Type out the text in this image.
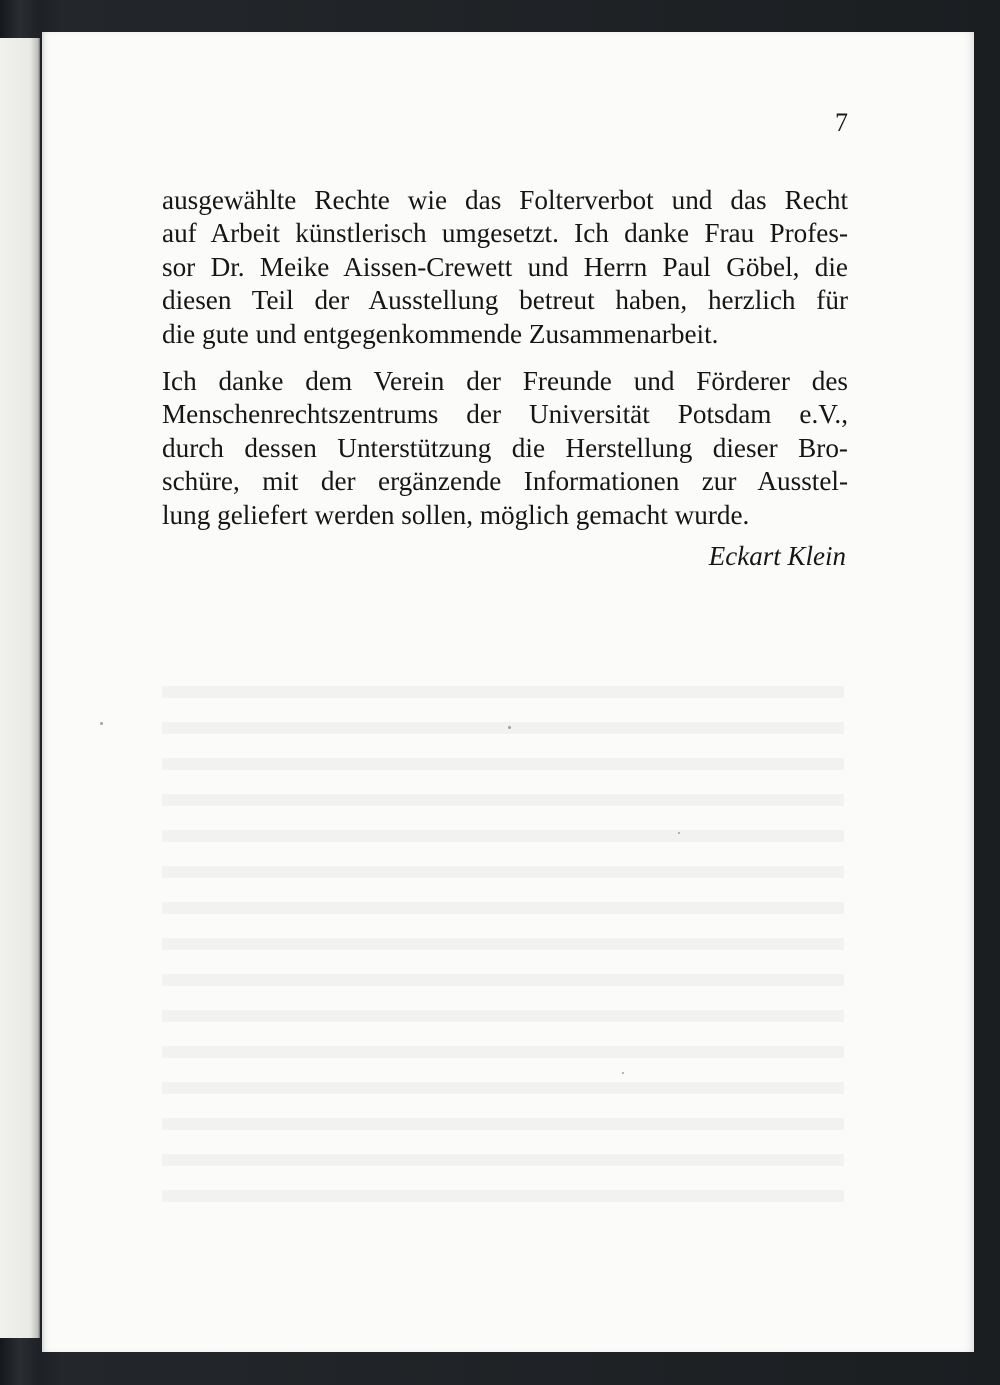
7

ausgewählte Rechte wie das Folterverbot und das Recht
auf Arbeit künstlerisch umgesetzt. Ich danke Frau Profes-
sor Dr. Meike Aissen-Crewett und Herrn Paul Göbel, die
diesen Teil der Ausstellung betreut haben, herzlich für
die gute und entgegenkommende Zusammenarbeit.

Ich danke dem Verein der Freunde und Förderer des
Menschenrechtszentrums der Universität Potsdam e.V.,
durch dessen Unterstützung die Herstellung dieser Bro-
schüre, mit der ergänzende Informationen zur Ausstel-
lung geliefert werden sollen, möglich gemacht wurde.

Eckart Klein
